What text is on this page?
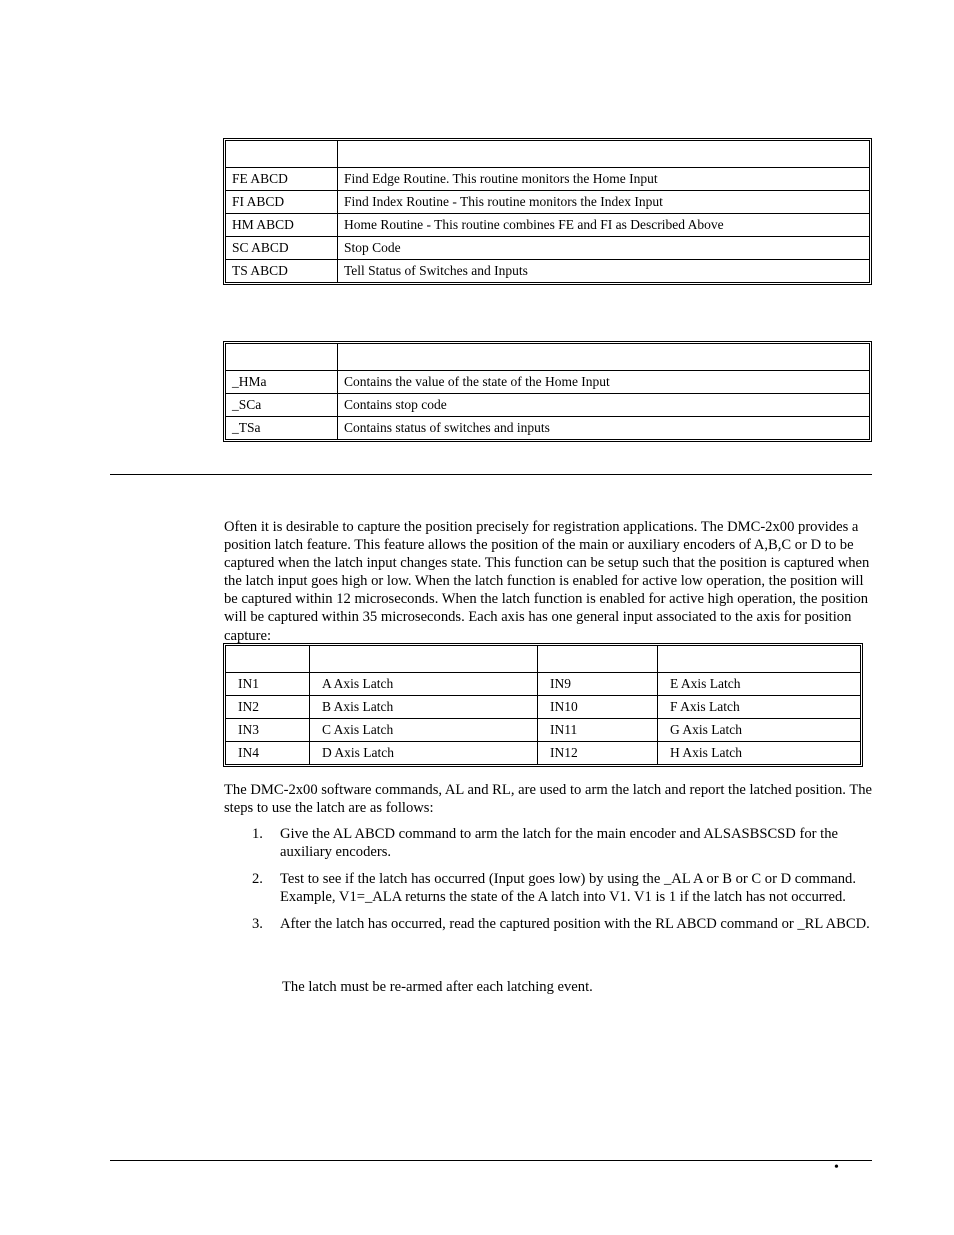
FE ABCD	Find Edge Routine. This routine monitors the Home Input
FI ABCD	Find Index Routine - This routine monitors the Index Input
HM ABCD	Home Routine - This routine combines FE and FI as Described Above
SC ABCD	Stop Code
TS ABCD	Tell Status of Switches and Inputs

_HMa	Contains the value of the state of the Home Input
_SCa	Contains stop code
_TSa	Contains status of switches and inputs
Often it is desirable to capture the position precisely for registration applications. The DMC-2x00 provides a position latch feature. This feature allows the position of the main or auxiliary encoders of A,B,C or D to be captured when the latch input changes state. This function can be setup such that the position is captured when the latch input goes high or low. When the latch function is enabled for active low operation, the position will be captured within 12 microseconds. When the latch function is enabled for active high operation, the position will be captured within 35 microseconds. Each axis has one general input associated to the axis for position capture:

IN1	A Axis Latch	IN9	E Axis Latch
IN2	B Axis Latch	IN10	F Axis Latch
IN3	C Axis Latch	IN11	G Axis Latch
IN4	D Axis Latch	IN12	H Axis Latch
The DMC-2x00 software commands, AL and RL, are used to arm the latch and report the latched position. The steps to use the latch are as follows:
1. Give the AL ABCD command to arm the latch for the main encoder and ALSASBSCSD for the auxiliary encoders.
2. Test to see if the latch has occurred (Input goes low) by using the _AL A or B or C or D command. Example, V1=_ALA returns the state of the A latch into V1. V1 is 1 if the latch has not occurred.
3. After the latch has occurred, read the captured position with the RL ABCD command or _RL ABCD.
The latch must be re-armed after each latching event.
•
